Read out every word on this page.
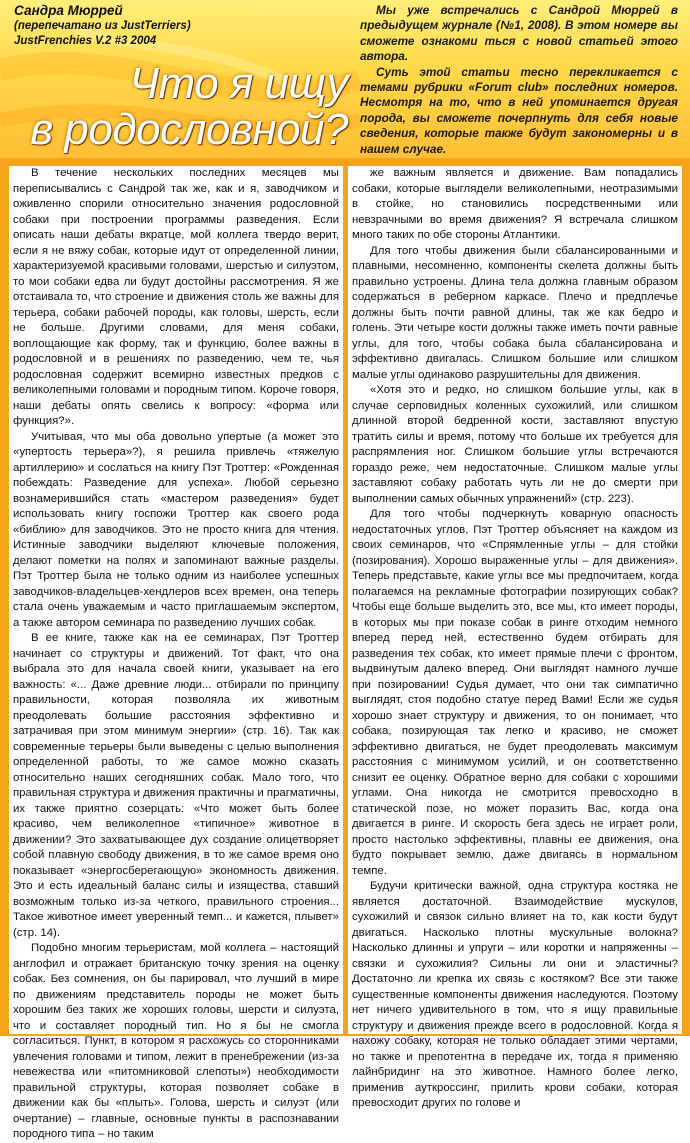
Сандра Мюррей
(перепечатано из JustTerriers)
JustFrenchies V.2 #3 2004
Что я ищу
в родословной?

Мы уже встречались с Сандрой Мюррей в предыдущем журнале (№1, 2008). В этом номере вы сможете ознакоми ться с новой статьей этого автора.

Суть этой статьи тесно перекликается с темами рубрики «Forum club» последних номеров. Несмотря на то, что в ней упоминается другая порода, вы сможете почерпнуть для себя новые сведения, которые также будут закономерны и в нашем случае.

В течение нескольких последних месяцев мы переписывались с Сандрой так же, как и я, заводчиком и оживленно спорили относительно значения родословной собаки при построении программы разведения. Если описать наши дебаты вкратце, мой коллега твердо верит, если я не вяжу собак, которые идут от определенной линии, характеризуемой красивыми головами, шерстью и силуэтом, то мои собаки едва ли будут достойны рассмотрения. Я же отстаивала то, что строение и движения столь же важны для терьера, собаки рабочей породы, как головы, шерсть, если не больше. Другими словами, для меня собаки, воплощающие как форму, так и функцию, более важны в родословной и в решениях по разведению, чем те, чья родословная содержит всемирно известных предков с великолепными головами и породным типом. Короче говоря, наши дебаты опять свелись к вопросу: «форма или функция?».

Учитывая, что мы оба довольно упертые (а может это «упертость терьера»?), я решила привлечь «тяжелую артиллерию» и сослаться на книгу Пэт Троттер: «Рожденная побеждать: Разведение для успеха». Любой серьезно вознамерившийся стать «мастером разведения» будет использовать книгу госпожи Троттер как своего рода «библию» для заводчиков. Это не просто книга для чтения. Истинные заводчики выделяют ключевые положения, делают пометки на полях и запоминают важные разделы. Пэт Троттер была не только одним из наиболее успешных заводчиков-владельцев-хендлеров всех времен, она теперь стала очень уважаемым и часто приглашаемым экспертом, а также автором семинара по разведению лучших собак.

В ее книге, также как на ее семинарах, Пэт Троттер начинает со структуры и движений. Тот факт, что она выбрала это для начала своей книги, указывает на его важность: «... Даже древние люди... отбирали по принципу правильности, которая позволяла их животным преодолевать большие расстояния эффективно и затрачивая при этом минимум энергии» (стр. 16). Так как современные терьеры были выведены с целью выполнения определенной работы, то же самое можно сказать относительно наших сегодняшних собак. Мало того, что правильная структура и движения практичны и прагматичны, их также приятно созерцать: «Что может быть более красиво, чем великолепное «типичное» животное в движении? Это захватывающее дух создание олицетворяет собой плавную свободу движения, в то же самое время оно показывает «энергосберегающую» экономность движения. Это и есть идеальный баланс силы и изящества, ставший возможным только из-за четкого, правильного строения... Такое животное имеет уверенный темп... и кажется, плывет» (стр. 14).

Подобно многим терьеристам, мой коллега – настоящий англофил и отражает британскую точку зрения на оценку собак. Без сомнения, он бы парировал, что лучший в мире по движениям представитель породы не может быть хорошим без таких же хороших головы, шерсти и силуэта, что и составляет породный тип. Но я бы не смогла согласиться. Пункт, в котором я расхожусь со сторонниками увлечения головами и типом, лежит в пренебрежении (из-за невежества или «питомниковой слепоты») необходимости правильной структуры, которая позволяет собаке в движении как бы «плыть». Голова, шерсть и силуэт (или очертание) – главные, основные пункты в распознавании породного типа – но таким

же важным является и движение. Вам попадались собаки, которые выглядели великолепными, неотразимыми в стойке, но становились посредственными или невзрачными во время движения? Я встречала слишком много таких по обе стороны Атлантики.

Для того чтобы движения были сбалансированными и плавными, несомненно, компоненты скелета должны быть правильно устроены. Длина тела должна главным образом содержаться в реберном каркасе. Плечо и предплечье должны быть почти равной длины, так же как бедро и голень. Эти четыре кости должны также иметь почти равные углы, для того, чтобы собака была сбалансирована и эффективно двигалась. Слишком большие или слишком малые углы одинаково разрушительны для движения.

«Хотя это и редко, но слишком большие углы, как в случае серповидных коленных сухожилий, или слишком длинной второй бедренной кости, заставляют впустую тратить силы и время, потому что больше их требуется для распрямления ног. Слишком большие углы встречаются гораздо реже, чем недостаточные. Слишком малые углы заставляют собаку работать чуть ли не до смерти при выполнении самых обычных упражнений» (стр. 223).

Для того чтобы подчеркнуть коварную опасность недостаточных углов, Пэт Троттер объясняет на каждом из своих семинаров, что «Спрямленные углы – для стойки (позирования). Хорошо выраженные углы – для движения». Теперь представьте, какие углы все мы предпочитаем, когда полагаемся на рекламные фотографии позирующих собак? Чтобы еще больше выделить это, все мы, кто имеет породы, в которых мы при показе собак в ринге отходим немного вперед перед ней, естественно будем отбирать для разведения тех собак, кто имеет прямые плечи с фронтом, выдвинутым далеко вперед. Они выглядят намного лучше при позировании! Судья думает, что они так симпатично выглядят, стоя подобно статуе перед Вами! Если же судья хорошо знает структуру и движения, то он понимает, что собака, позирующая так легко и красиво, не сможет эффективно двигаться, не будет преодолевать максимум расстояния с минимумом усилий, и он соответственно снизит ее оценку. Обратное верно для собаки с хорошими углами. Она никогда не смотрится превосходно в статической позе, но может поразить Вас, когда она двигается в ринге. И скорость бега здесь не играет роли, просто настолько эффективны, плавны ее движения, она будто покрывает землю, даже двигаясь в нормальном темпе.

Будучи критически важной, одна структура костяка не является достаточной. Взаимодействие мускулов, сухожилий и связок сильно влияет на то, как кости будут двигаться. Насколько плотны мускульные волокна? Насколько длинны и упруги – или коротки и напряженны – связки и сухожилия? Сильны ли они и эластичны? Достаточно ли крепка их связь с костяком? Все эти также существенные компоненты движения наследуются. Поэтому нет ничего удивительного в том, что я ищу правильные структуру и движения прежде всего в родословной. Когда я нахожу собаку, которая не только обладает этими чертами, но также и препотентна в передаче их, тогда я применяю лайнбридинг на это животное. Намного более легко, применив ауткроссинг, прилить крови собаки, которая превосходит других по голове и
